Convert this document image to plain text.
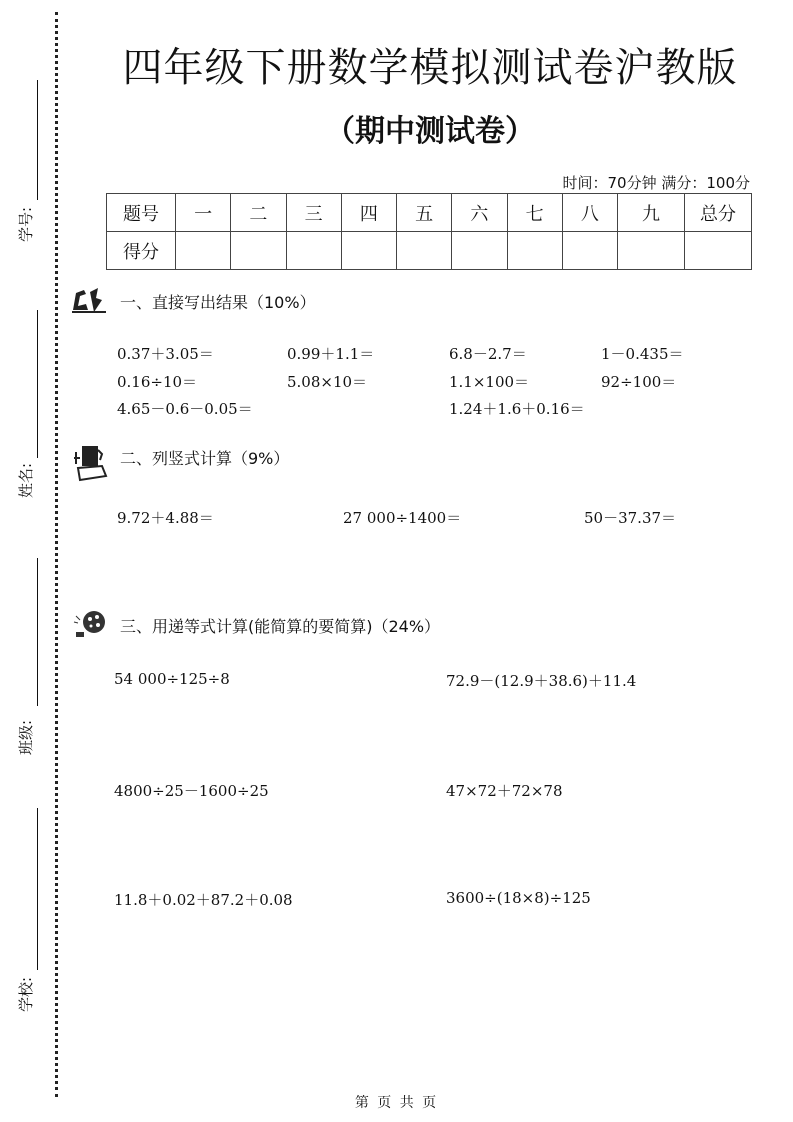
学号:
姓名:
班级:
学校:
四年级下册数学模拟测试卷沪教版
（期中测试卷）
时间：70分钟 满分：100分
题号	一	二	三	四	五	六	七	八	九	总分
得分										
一、直接写出结果（10%）
0.37＋3.05＝	0.99＋1.1＝	6.8－2.7＝	1－0.435＝
0.16÷10＝	5.08×10＝	1.1×100＝	92÷100＝
4.65－0.6－0.05＝	1.24＋1.6＋0.16＝
二、列竖式计算（9%）
9.72＋4.88＝	27 000÷1400＝	50－37.37＝
三、用递等式计算(能简算的要简算)（24%）
54 000÷125÷8	72.9－(12.9＋38.6)＋11.4
4800÷25－1600÷25	47×72＋72×78
11.8＋0.02＋87.2＋0.08	3600÷(18×8)÷125
第 页 共 页
